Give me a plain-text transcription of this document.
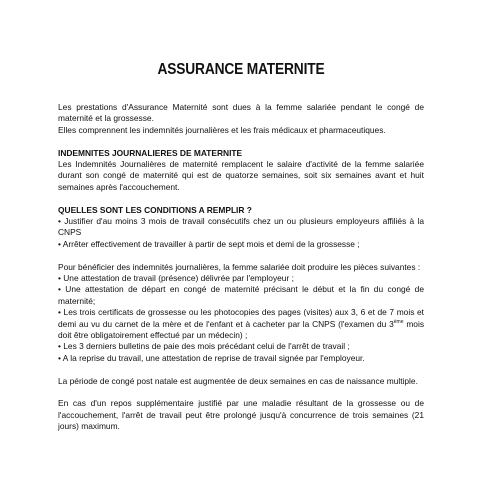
ASSURANCE MATERNITE

Les prestations d'Assurance Maternité sont dues à la femme salariée pendant le congé de maternité et la grossesse.

Elles comprennent les indemnités journalières et les frais médicaux et pharmaceutiques.

INDEMNITES JOURNALIERES DE MATERNITE

Les Indemnités Journalières de maternité remplacent le salaire d'activité de la femme salariée durant son congé de maternité qui est de quatorze semaines, soit six semaines avant et huit semaines après l'accouchement.

QUELLES SONT LES CONDITIONS A REMPLIR ?

• Justifier d'au moins 3 mois de travail consécutifs chez un ou plusieurs employeurs affiliés à la CNPS

• Arrêter effectivement de travailler à partir de sept mois et demi de la grossesse ;

Pour bénéficier des indemnités journalières, la femme salariée doit produire les pièces suivantes :

• Une attestation de travail (présence) délivrée par l'employeur ;

• Une attestation de départ en congé de maternité précisant le début et la fin du congé de maternité;

• Les trois certificats de grossesse ou les photocopies des pages (visites) aux 3, 6 et de 7 mois et demi au vu du carnet de la mère et de l'enfant et à cacheter par la CNPS (l'examen du 3ème mois doit être obligatoirement effectué par un médecin) ;

• Les 3 derniers bulletins de paie des mois précédant celui de l'arrêt de travail ;

• A la reprise du travail, une attestation de reprise de travail signée par l'employeur.

La période de congé post natale est augmentée de deux semaines en cas de naissance multiple.

En cas d'un repos supplémentaire justifié par une maladie résultant de la grossesse ou de l'accouchement, l'arrêt de travail peut être prolongé jusqu'à concurrence de trois semaines (21 jours) maximum.
